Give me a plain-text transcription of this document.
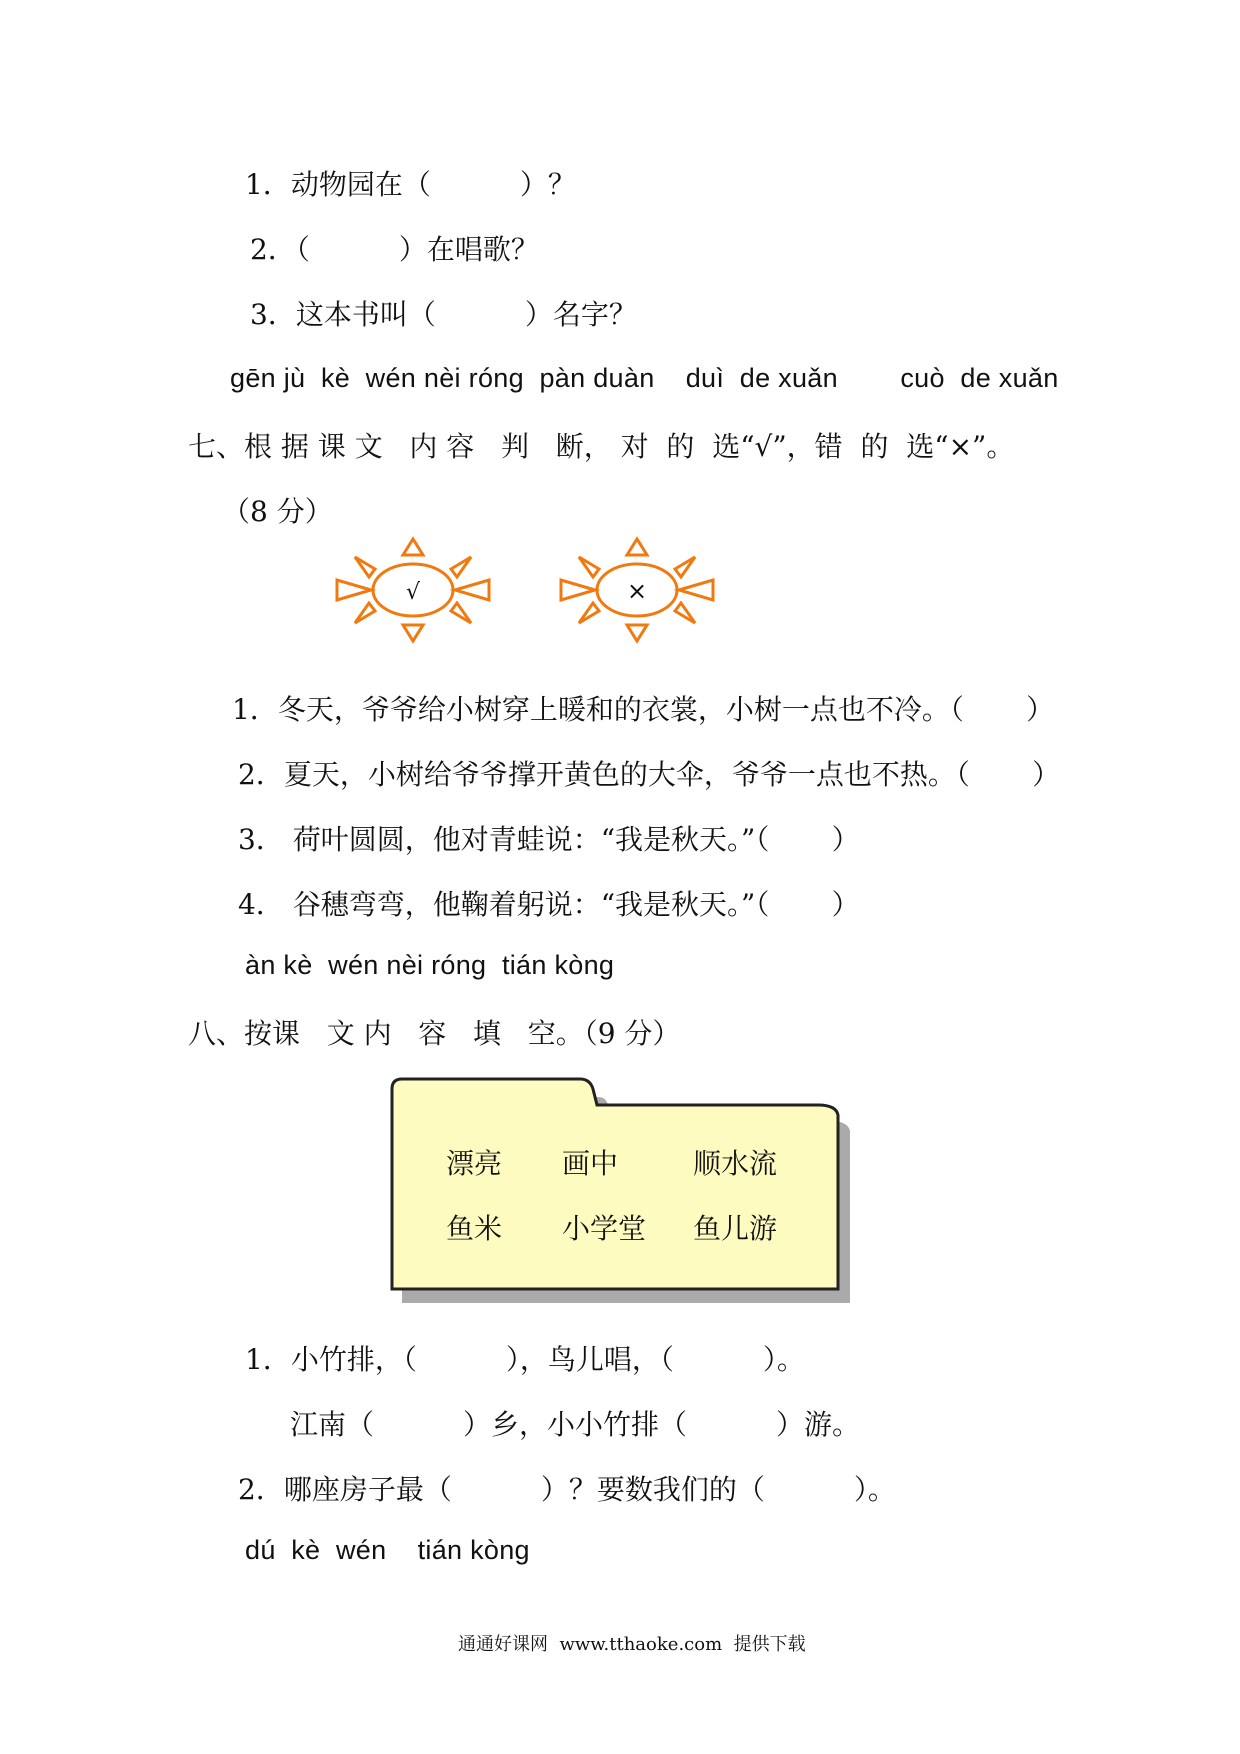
1．动物园在（          ）？
2．（          ）在唱歌？
3．这本书叫（          ）名字？
gēn jù  kè  wén nèi róng  pàn duàn    duì  de xuǎn        cuò  de xuǎn
七、根 据 课 文   内 容   判   断， 对  的  选“√”，错  的  选“×”。
（8 分）
√	×
1．冬天，爷爷给小树穿上暖和的衣裳，小树一点也不冷。（       ）
2．夏天，小树给爷爷撑开黄色的大伞，爷爷一点也不热。（       ）
3． 荷叶圆圆，他对青蛙说：“我是秋天。”（       ）
4． 谷穗弯弯，他鞠着躬说：“我是秋天。”（       ）
àn kè  wén nèi róng  tián kòng
八、按课   文 内   容   填   空。（9 分）
漂亮 画中	顺水流
鱼米 小学堂 鱼儿游
1．小竹排，（          ），鸟儿唱，（          ）。
江南（          ）乡，小小竹排（          ）游。
2．哪座房子最（          ）？要数我们的（          ）。
dú  kè  wén    tián kòng
通通好课网  www.tthaoke.com  提供下载
